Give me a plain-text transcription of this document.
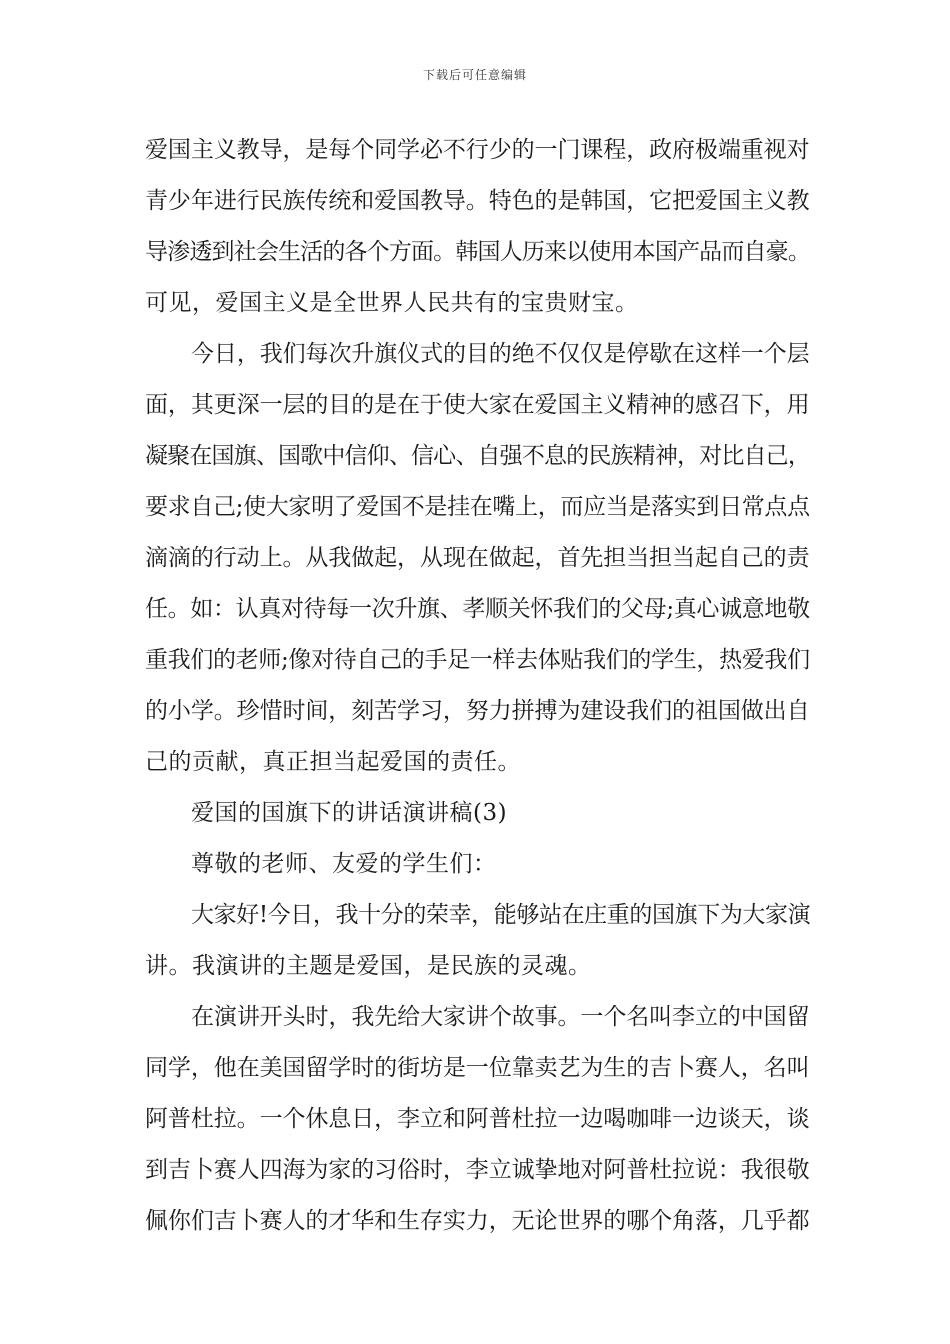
下载后可任意编辑
爱国主义教导，是每个同学必不行少的一门课程，政府极端重视对
青少年进行民族传统和爱国教导。特色的是韩国，它把爱国主义教
导渗透到社会生活的各个方面。韩国人历来以使用本国产品而自豪。
可见，爱国主义是全世界人民共有的宝贵财宝。
今日，我们每次升旗仪式的目的绝不仅仅是停歇在这样一个层
面，其更深一层的目的是在于使大家在爱国主义精神的感召下，用
凝聚在国旗、国歌中信仰、信心、自强不息的民族精神，对比自己，
要求自己;使大家明了爱国不是挂在嘴上，而应当是落实到日常点点
滴滴的行动上。从我做起，从现在做起，首先担当担当起自己的责
任。如：认真对待每一次升旗、孝顺关怀我们的父母;真心诚意地敬
重我们的老师;像对待自己的手足一样去体贴我们的学生，热爱我们
的小学。珍惜时间，刻苦学习，努力拼搏为建设我们的祖国做出自
己的贡献，真正担当起爱国的责任。
爱国的国旗下的讲话演讲稿(3)
尊敬的老师、友爱的学生们：
大家好!今日，我十分的荣幸，能够站在庄重的国旗下为大家演
讲。我演讲的主题是爱国，是民族的灵魂。
在演讲开头时，我先给大家讲个故事。一个名叫李立的中国留
同学，他在美国留学时的街坊是一位靠卖艺为生的吉卜赛人，名叫
阿普杜拉。一个休息日，李立和阿普杜拉一边喝咖啡一边谈天，谈
到吉卜赛人四海为家的习俗时，李立诚挚地对阿普杜拉说：我很敬
佩你们吉卜赛人的才华和生存实力，无论世界的哪个角落，几乎都
